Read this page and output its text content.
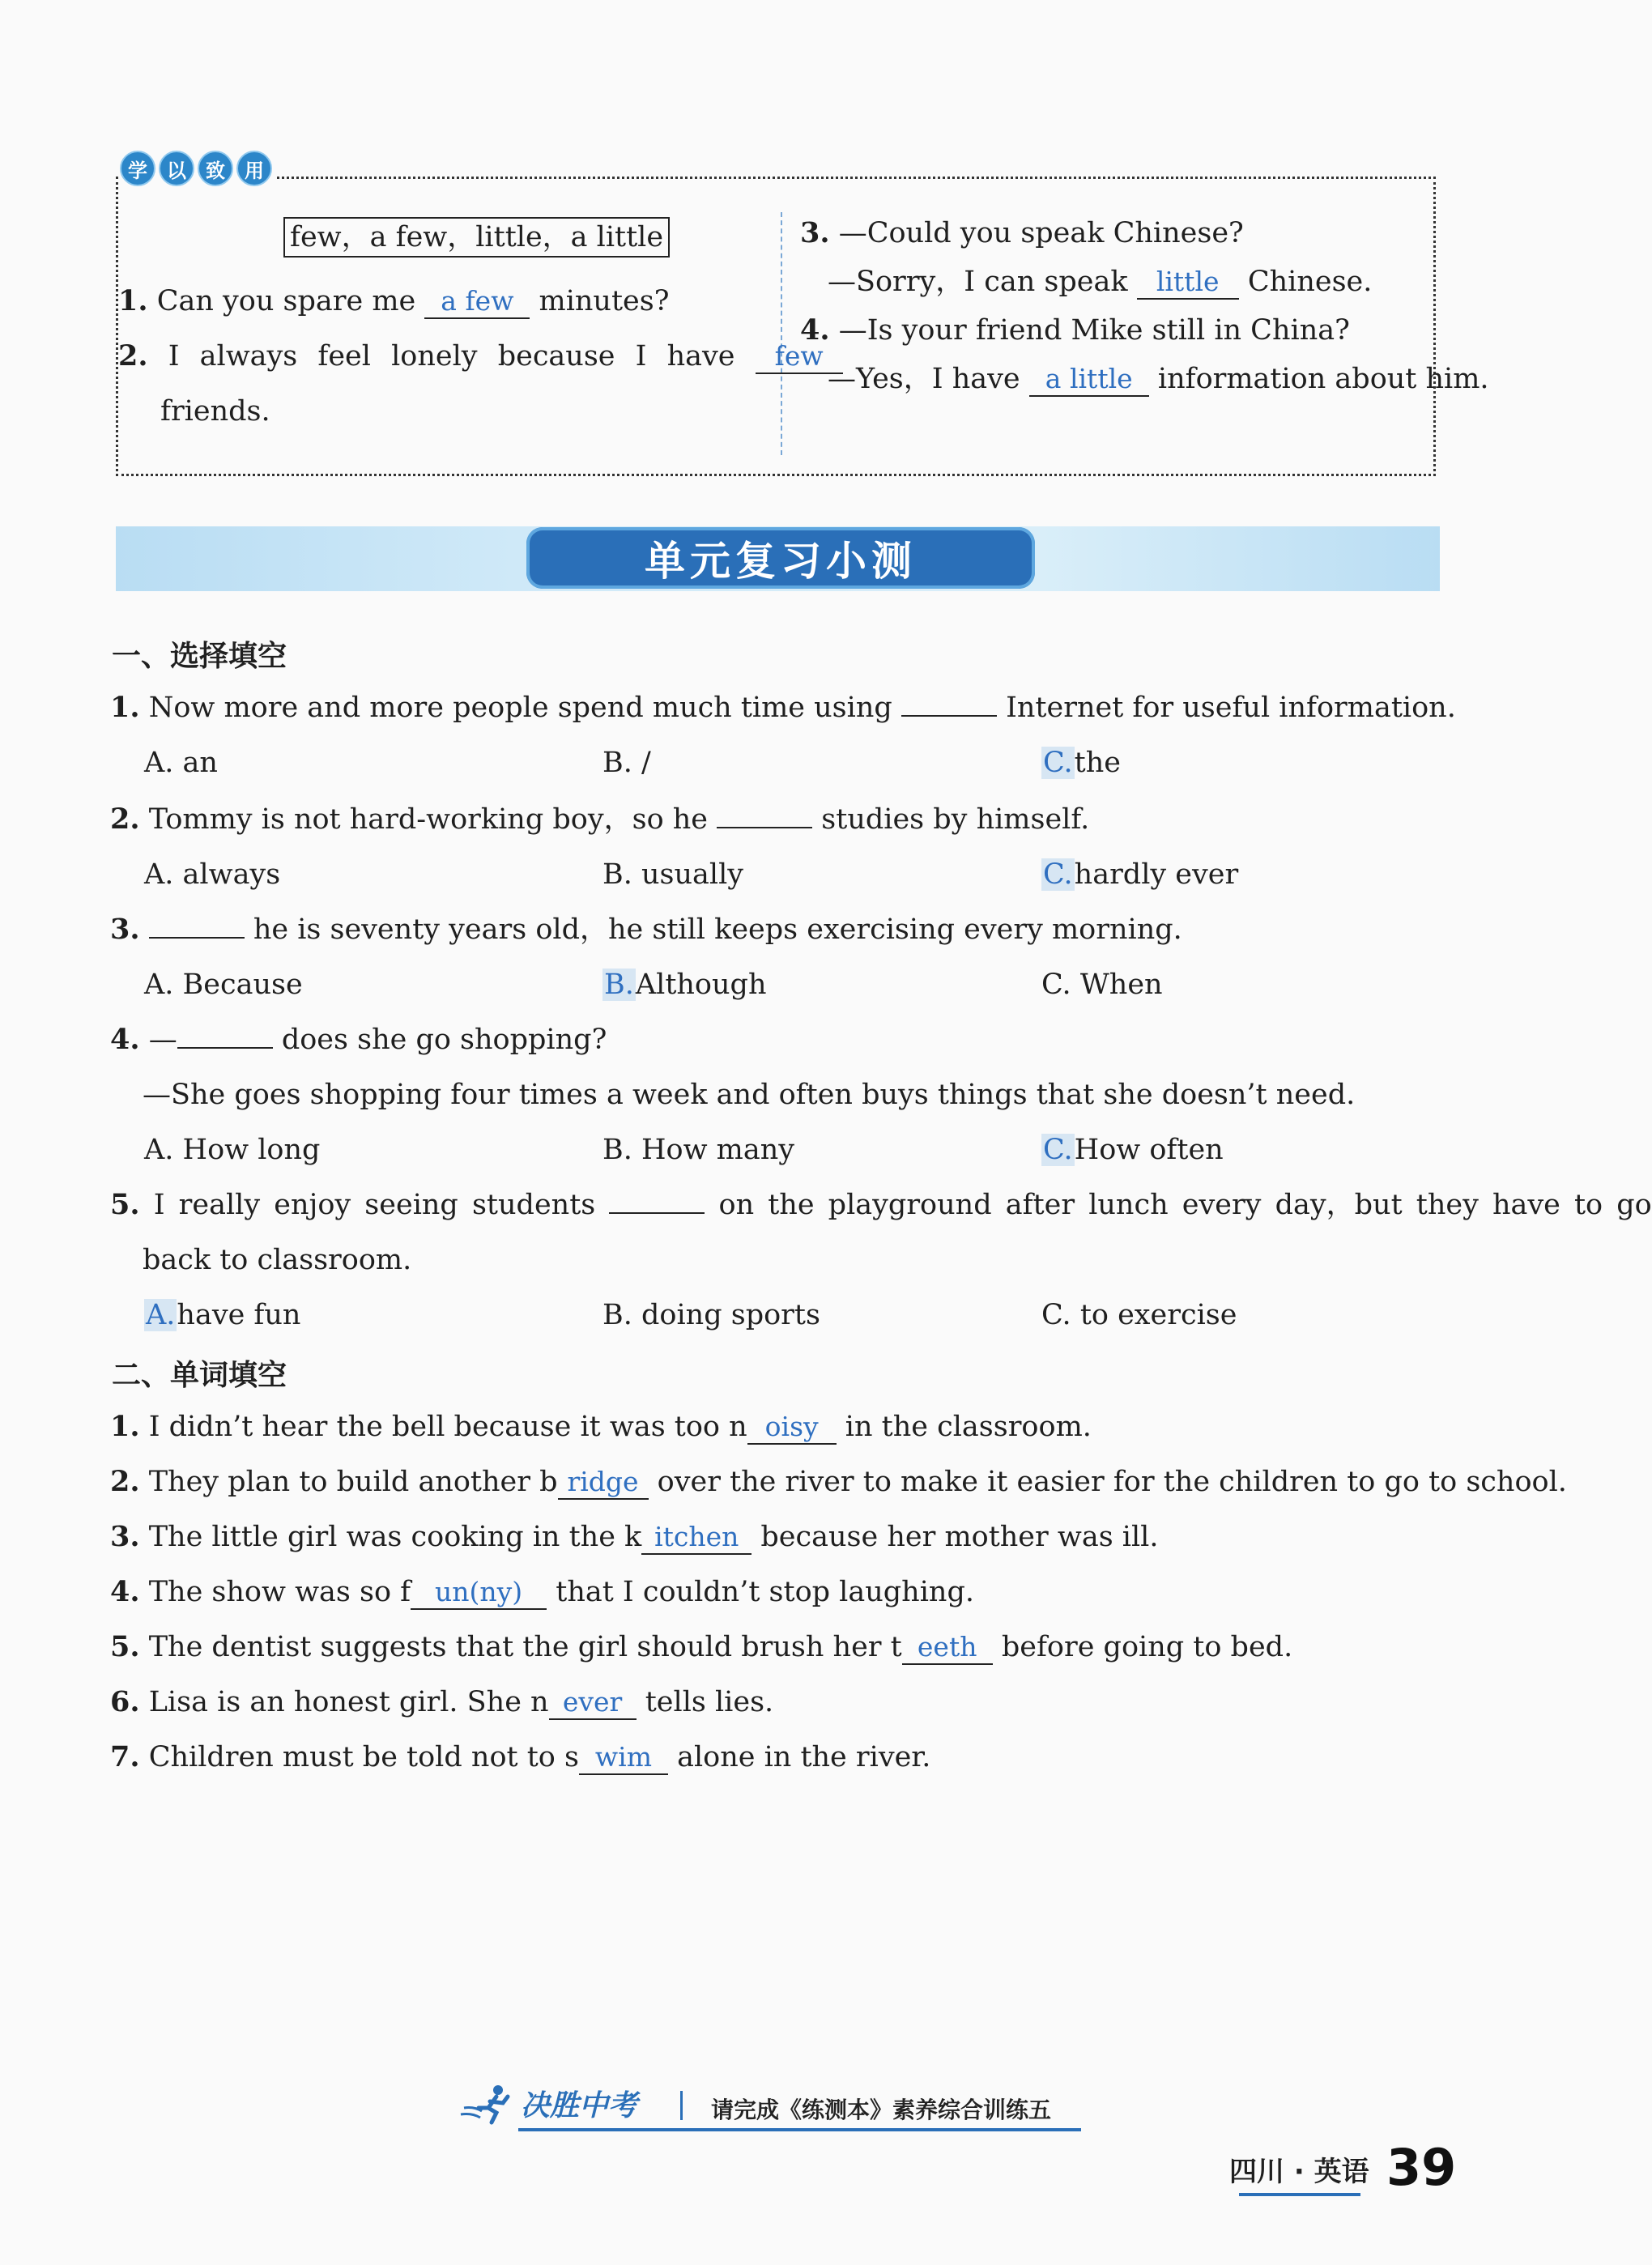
学	以	致	用
few，a few，little，a little
1. Can you spare me a few minutes?
2. I always feel lonely because I have few
friends.
3. —Could you speak Chinese?
—Sorry，I can speak little Chinese.
4. —Is your friend Mike still in China?
—Yes，I have a little information about him.
单元复习小测
一、选择填空
1. Now more and more people spend much time using	Internet for useful information.
A. an	B. /	C.the
2. Tommy is not hard-working boy，so he	studies by himself.
A. always	B. usually	C.hardly ever
3.	he is seventy years old，he still keeps exercising every morning.
A. Because	B.Although	C. When
4. —	does she go shopping?
—She goes shopping four times a week and often buys things that she doesn’t need.
A. How long	B. How many	C.How often
5. I really enjoy seeing students	on the playground after lunch every day，but they have to go
back to classroom.
A.have fun	B. doing sports	C. to exercise
二、单词填空
1. I didn’t hear the bell because it was too n oisy in the classroom.
2. They plan to build another b ridge over the river to make it easier for the children to go to school.
3. The little girl was cooking in the k itchen because her mother was ill.
4. The show was so f un(ny) that I couldn’t stop laughing.
5. The dentist suggests that the girl should brush her t eeth before going to bed.
6. Lisa is an honest girl. She n ever tells lies.
7. Children must be told not to s wim alone in the river.
决胜中考	请完成《练测本》素养综合训练五
四川 · 英语 39
